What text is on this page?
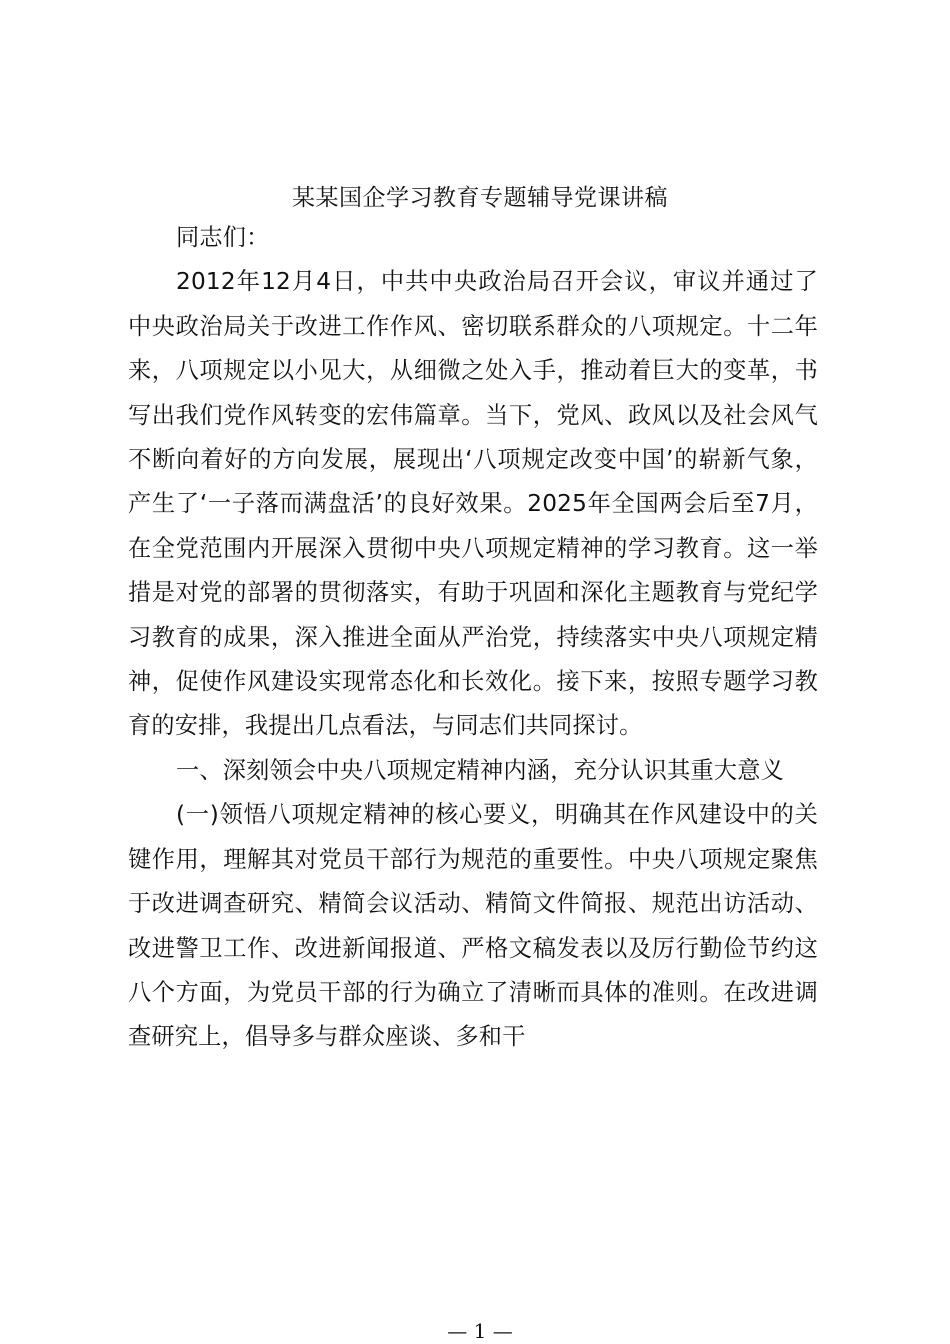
某某国企学习教育专题辅导党课讲稿

同志们：

2012年12月4日，中共中央政治局召开会议，审议并通过了中央政治局关于改进工作作风、密切联系群众的八项规定。十二年来，八项规定以小见大，从细微之处入手，推动着巨大的变革，书写出我们党作风转变的宏伟篇章。当下，党风、政风以及社会风气不断向着好的方向发展，展现出‘八项规定改变中国’的崭新气象，产生了‘一子落而满盘活’的良好效果。2025年全国两会后至7月，在全党范围内开展深入贯彻中央八项规定精神的学习教育。这一举措是对党的部署的贯彻落实，有助于巩固和深化主题教育与党纪学习教育的成果，深入推进全面从严治党，持续落实中央八项规定精神，促使作风建设实现常态化和长效化。接下来，按照专题学习教育的安排，我提出几点看法，与同志们共同探讨。

一、深刻领会中央八项规定精神内涵，充分认识其重大意义

(一)领悟八项规定精神的核心要义，明确其在作风建设中的关键作用，理解其对党员干部行为规范的重要性。中央八项规定聚焦于改进调查研究、精简会议活动、精简文件简报、规范出访活动、改进警卫工作、改进新闻报道、严格文稿发表以及厉行勤俭节约这八个方面，为党员干部的行为确立了清晰而具体的准则。在改进调查研究上，倡导多与群众座谈、多和干

— 1 —
